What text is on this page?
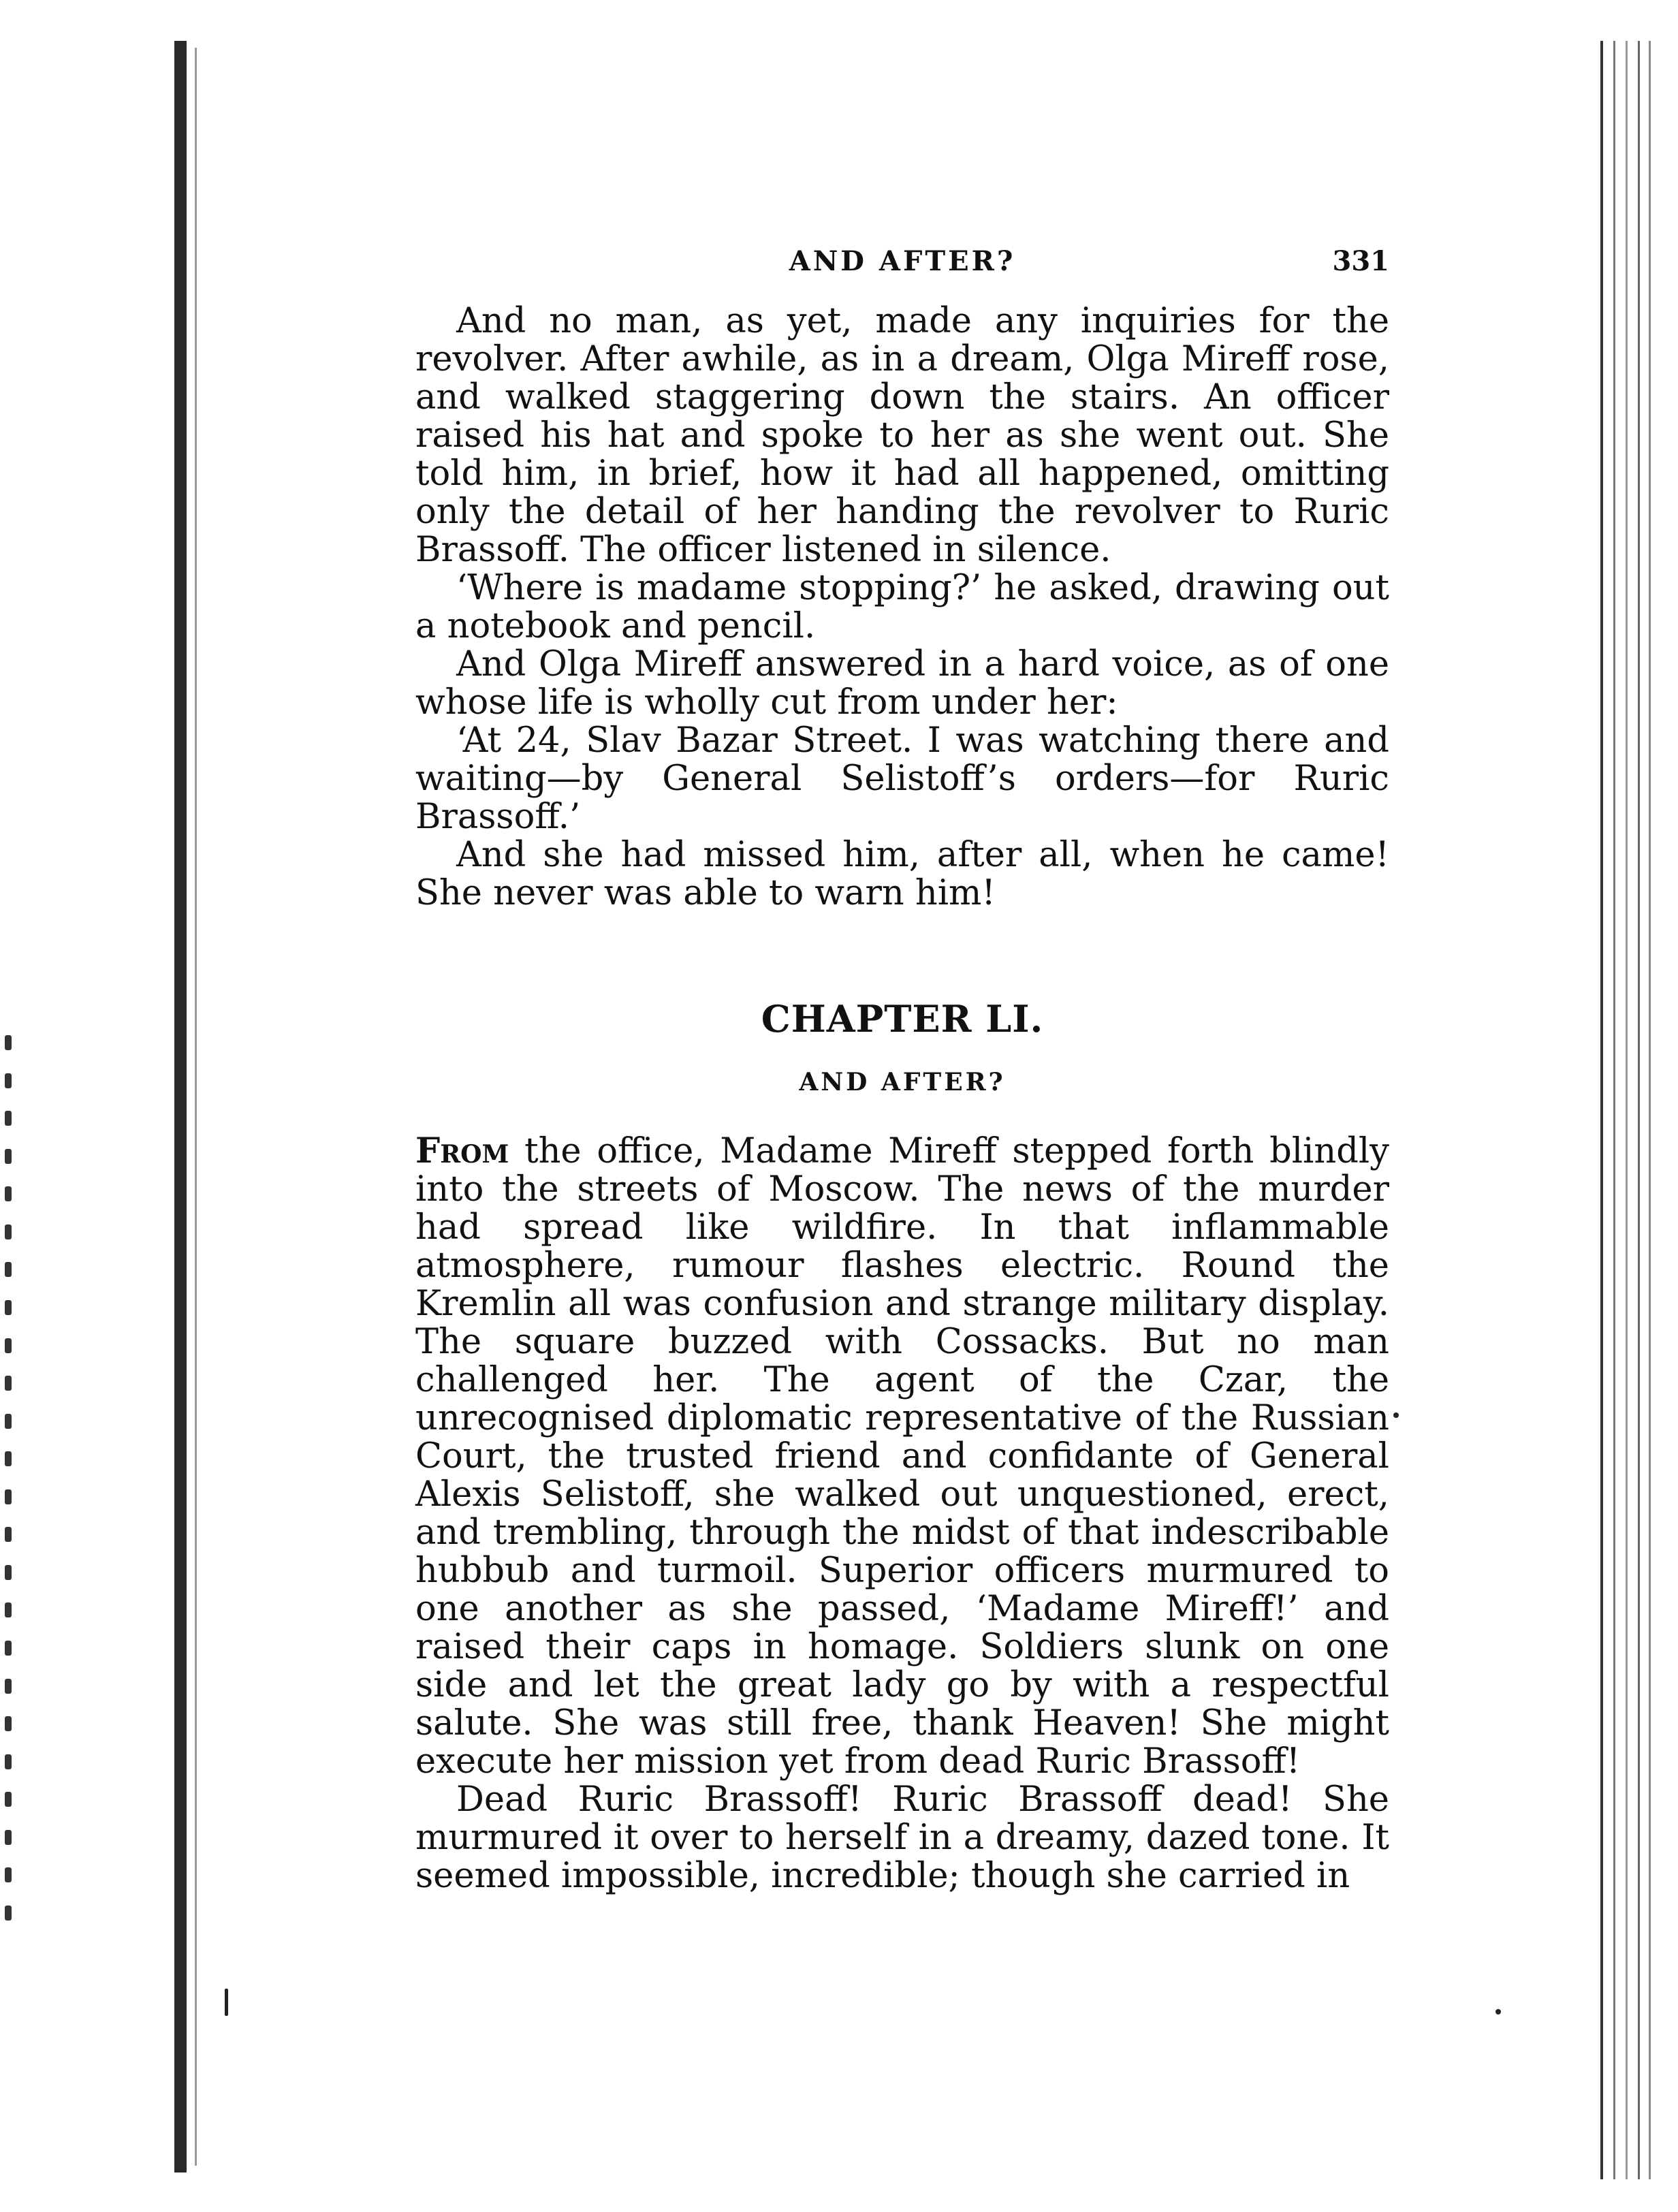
AND AFTER?	331

And no man, as yet, made any inquiries for the revolver. After awhile, as in a dream, Olga Mireff rose, and walked staggering down the stairs. An officer raised his hat and spoke to her as she went out. She told him, in brief, how it had all happened, omitting only the detail of her handing the revolver to Ruric Brassoff. The officer listened in silence.

‘Where is madame stopping?’ he asked, drawing out a notebook and pencil.

And Olga Mireff answered in a hard voice, as of one whose life is wholly cut from under her:

‘At 24, Slav Bazar Street. I was watching there and waiting—by General Selistoff’s orders—for Ruric Brassoff.’

And she had missed him, after all, when he came! She never was able to warn him!

CHAPTER LI.
AND AFTER?

From the office, Madame Mireff stepped forth blindly into the streets of Moscow. The news of the murder had spread like wildfire. In that inflammable atmosphere, rumour flashes electric. Round the Kremlin all was confusion and strange military display. The square buzzed with Cossacks. But no man challenged her. The agent of the Czar, the unrecognised diplomatic representative of the Russian Court, the trusted friend and confidante of General Alexis Selistoff, she walked out unquestioned, erect, and trembling, through the midst of that indescribable hubbub and turmoil. Superior officers murmured to one another as she passed, ‘Madame Mireff!’ and raised their caps in homage. Soldiers slunk on one side and let the great lady go by with a respectful salute. She was still free, thank Heaven! She might execute her mission yet from dead Ruric Brassoff!

Dead Ruric Brassoff! Ruric Brassoff dead! She murmured it over to herself in a dreamy, dazed tone. It seemed impossible, incredible; though she carried in
